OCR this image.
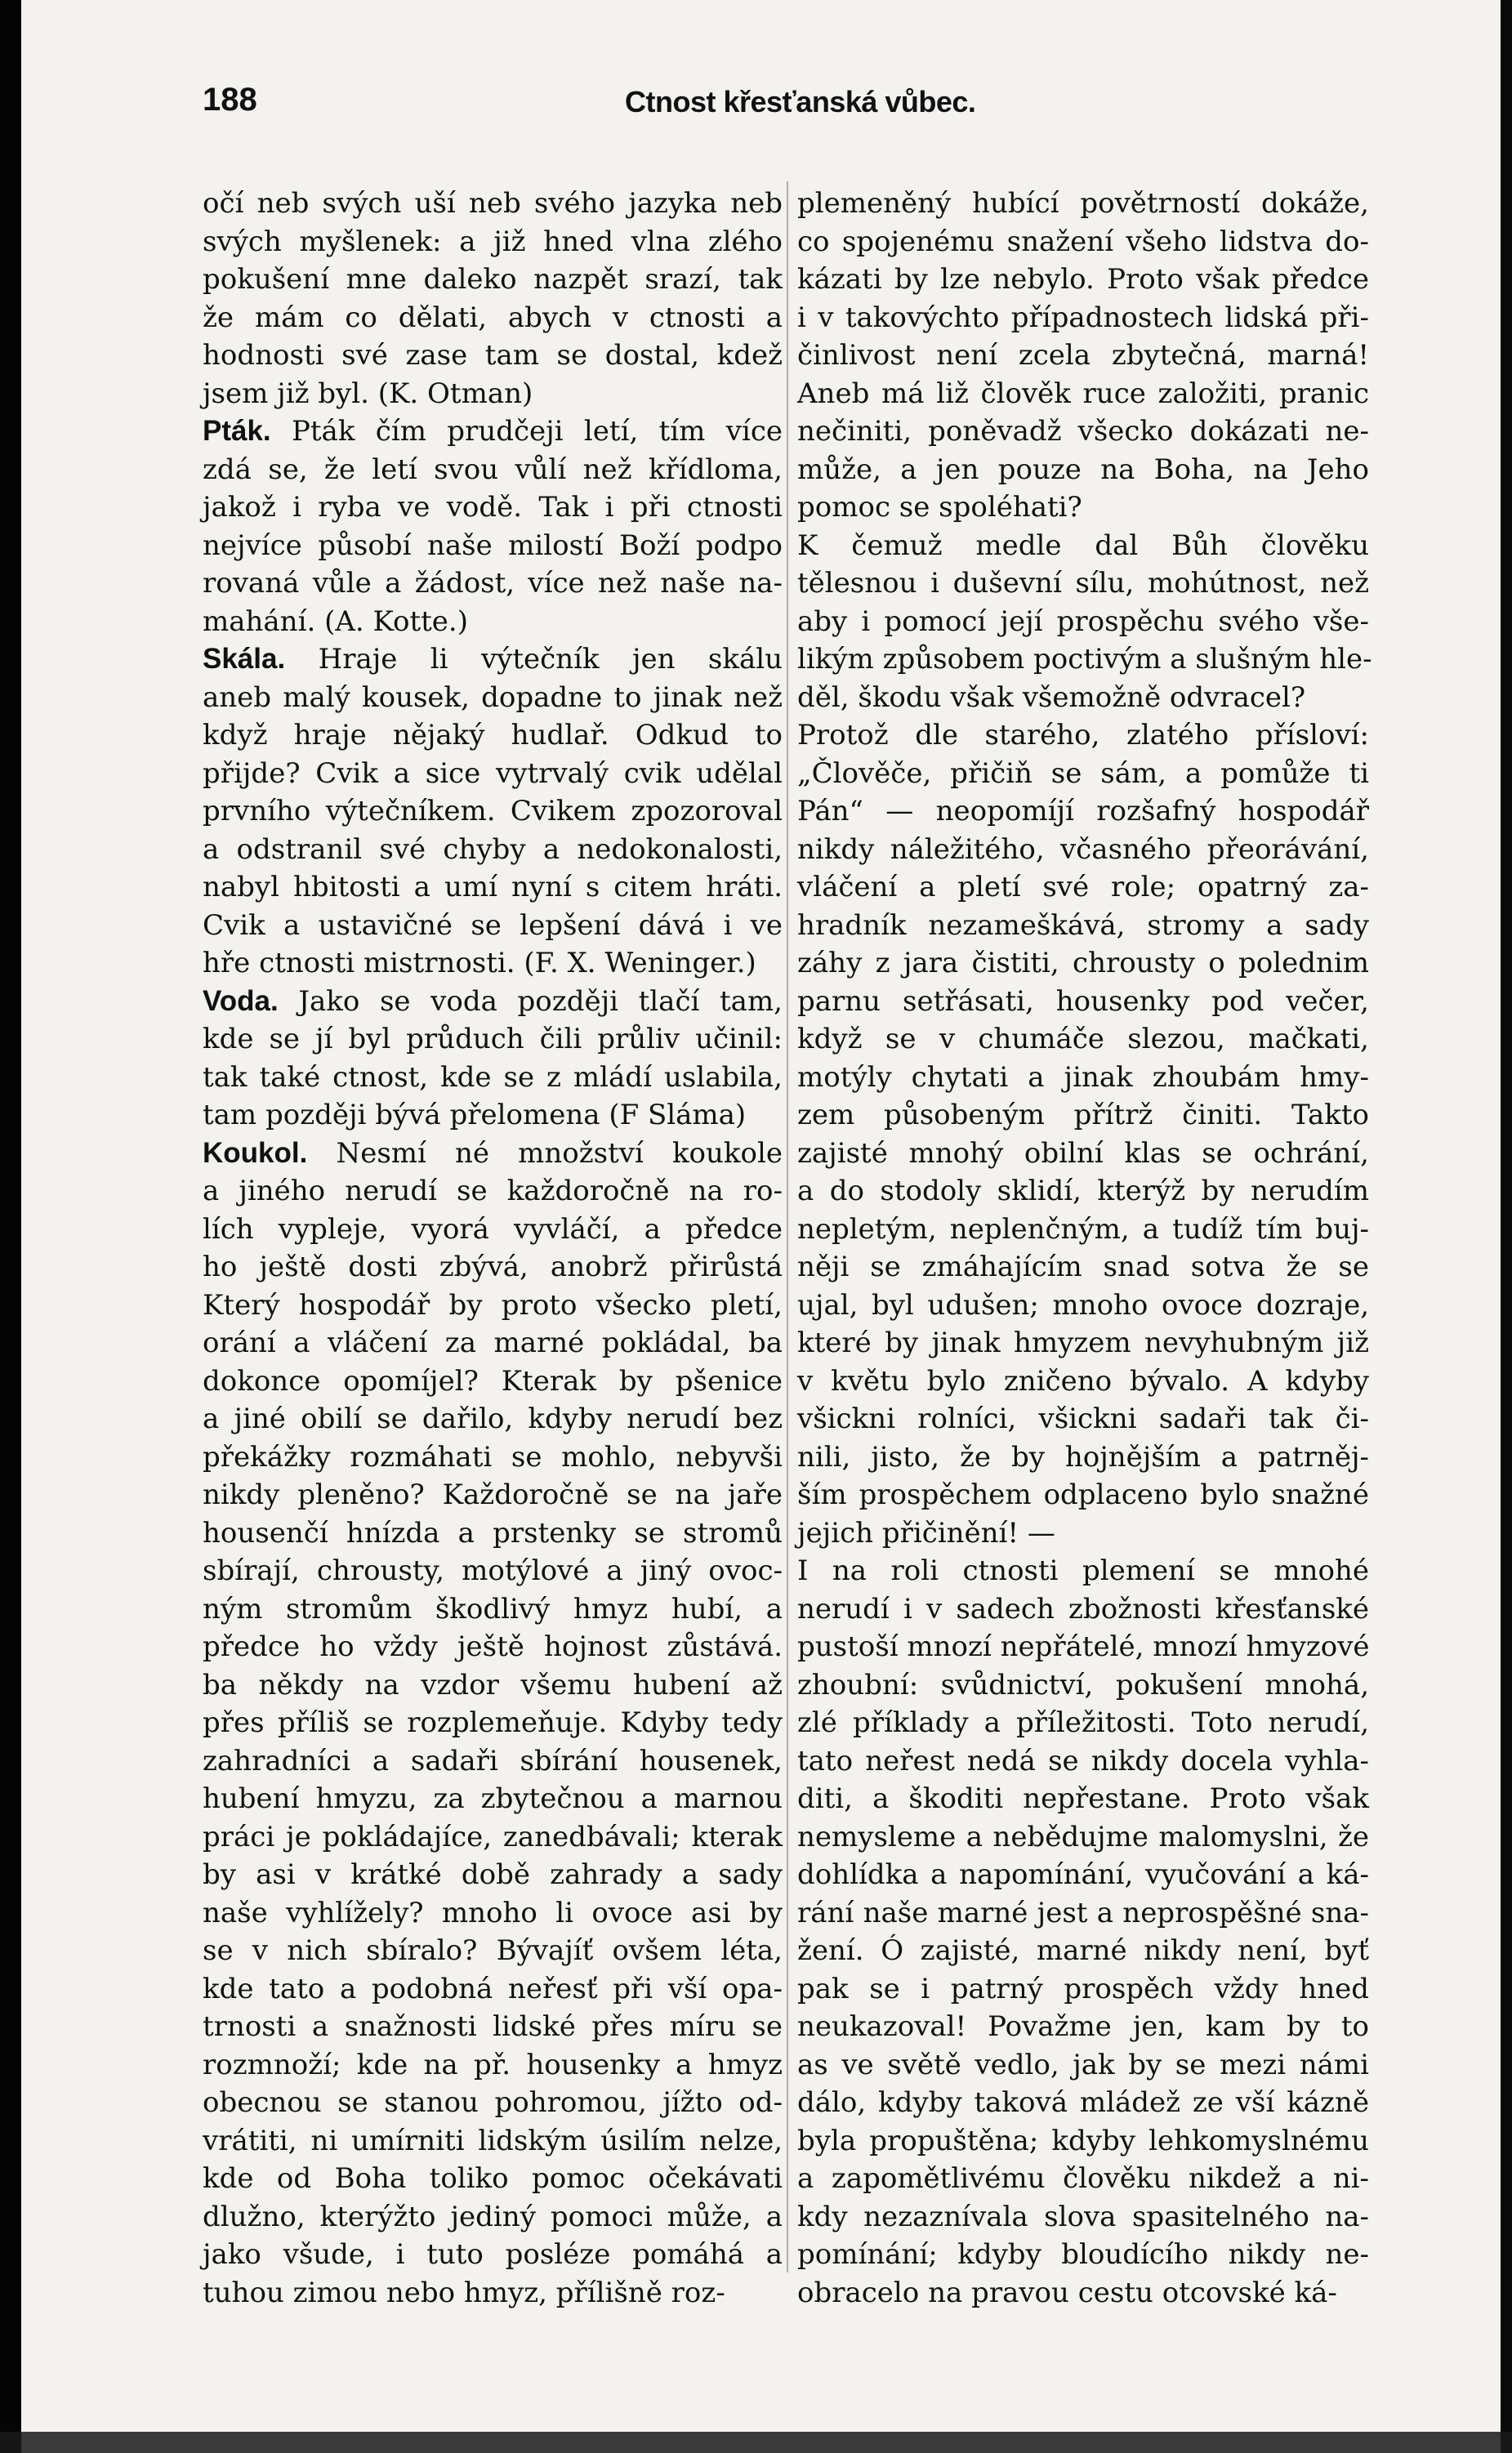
188	Ctnost křesťanská vůbec.
očí neb svých uší neb svého jazyka neb
svých myšlenek: a již hned vlna zlého
pokušení mne daleko nazpět srazí, tak
že mám co dělati, abych v ctnosti a
hodnosti své zase tam se dostal, kdež
jsem již byl. (K. Otman)
Pták. Pták čím prudčeji letí, tím více
zdá se, že letí svou vůlí než křídloma,
jakož i ryba ve vodě. Tak i při ctnosti
nejvíce působí naše milostí Boží podpo
rovaná vůle a žádost, více než naše na-
mahání. (A. Kotte.)
Skála. Hraje li výtečník jen skálu
aneb malý kousek, dopadne to jinak než
když hraje nějaký hudlař. Odkud to
přijde? Cvik a sice vytrvalý cvik udělal
prvního výtečníkem. Cvikem zpozoroval
a odstranil své chyby a nedokonalosti,
nabyl hbitosti a umí nyní s citem hráti.
Cvik a ustavičné se lepšení dává i ve
hře ctnosti mistrnosti. (F. X. Weninger.)
Voda. Jako se voda později tlačí tam,
kde se jí byl průduch čili průliv učinil:
tak také ctnost, kde se z mládí uslabila,
tam později bývá přelomena (F Sláma)
Koukol. Nesmí né množství koukole
a jiného nerudí se každoročně na ro-
lích vypleje, vyorá vyvláčí, a předce
ho ještě dosti zbývá, anobrž přirůstá
Který hospodář by proto všecko pletí,
orání a vláčení za marné pokládal, ba
dokonce opomíjel? Kterak by pšenice
a jiné obilí se dařilo, kdyby nerudí bez
překážky rozmáhati se mohlo, nebyvši
nikdy pleněno? Každoročně se na jaře
housenčí hnízda a prstenky se stromů
sbírají, chrousty, motýlové a jiný ovoc-
ným stromům škodlivý hmyz hubí, a
předce ho vždy ještě hojnost zůstává.
ba někdy na vzdor všemu hubení až
přes příliš se rozplemeňuje. Kdyby tedy
zahradníci a sadaři sbírání housenek,
hubení hmyzu, za zbytečnou a marnou
práci je pokládajíce, zanedbávali; kterak
by asi v krátké době zahrady a sady
naše vyhlížely? mnoho li ovoce asi by
se v nich sbíralo? Bývajíť ovšem léta,
kde tato a podobná neřesť při vší opa-
trnosti a snažnosti lidské přes míru se
rozmnoží; kde na př. housenky a hmyz
obecnou se stanou pohromou, jížto od-
vrátiti, ni umírniti lidským úsilím nelze,
kde od Boha toliko pomoc očekávati
dlužno, kterýžto jediný pomoci může, a
jako všude, i tuto posléze pomáhá a
tuhou zimou nebo hmyz, přílišně roz-
plemeněný hubící povětrností dokáže,
co spojenému snažení všeho lidstva do-
kázati by lze nebylo. Proto však předce
i v takovýchto případnostech lidská při-
činlivost není zcela zbytečná, marná!
Aneb má liž člověk ruce založiti, pranic
nečiniti, poněvadž všecko dokázati ne-
může, a jen pouze na Boha, na Jeho
pomoc se spoléhati?
K čemuž medle dal Bůh člověku
tělesnou i duševní sílu, mohútnost, než
aby i pomocí její prospěchu svého vše-
likým způsobem poctivým a slušným hle-
děl, škodu však všemožně odvracel?
Protož dle starého, zlatého přísloví:
„Člověče, přičiň se sám, a pomůže ti
Pán“ — neopomíjí rozšafný hospodář
nikdy náležitého, včasného přeorávání,
vláčení a pletí své role; opatrný za-
hradník nezameškává, stromy a sady
záhy z jara čistiti, chrousty o polednim
parnu setřásati, housenky pod večer,
když se v chumáče slezou, mačkati,
motýly chytati a jinak zhoubám hmy-
zem působeným přítrž činiti. Takto
zajisté mnohý obilní klas se ochrání,
a do stodoly sklidí, kterýž by nerudím
nepletým, neplenčným, a tudíž tím buj-
něji se zmáhajícím snad sotva že se
ujal, byl udušen; mnoho ovoce dozraje,
které by jinak hmyzem nevyhubným již
v květu bylo zničeno bývalo. A kdyby
všickni rolníci, všickni sadaři tak či-
nili, jisto, že by hojnějším a patrněj-
ším prospěchem odplaceno bylo snažné
jejich přičinění! —
I na roli ctnosti plemení se mnohé
nerudí i v sadech zbožnosti křesťanské
pustoší mnozí nepřátelé, mnozí hmyzové
zhoubní: svůdnictví, pokušení mnohá,
zlé příklady a příležitosti. Toto nerudí,
tato neřest nedá se nikdy docela vyhla-
diti, a škoditi nepřestane. Proto však
nemysleme a nebědujme malomyslni, že
dohlídka a napomínání, vyučování a ká-
rání naše marné jest a neprospěšné sna-
žení. Ó zajisté, marné nikdy není, byť
pak se i patrný prospěch vždy hned
neukazoval! Považme jen, kam by to
as ve světě vedlo, jak by se mezi námi
dálo, kdyby taková mládež ze vší kázně
byla propuštěna; kdyby lehkomyslnému
a zapomětlivému člověku nikdež a ni-
kdy nezaznívala slova spasitelného na-
pomínání; kdyby bloudícího nikdy ne-
obracelo na pravou cestu otcovské ká-
